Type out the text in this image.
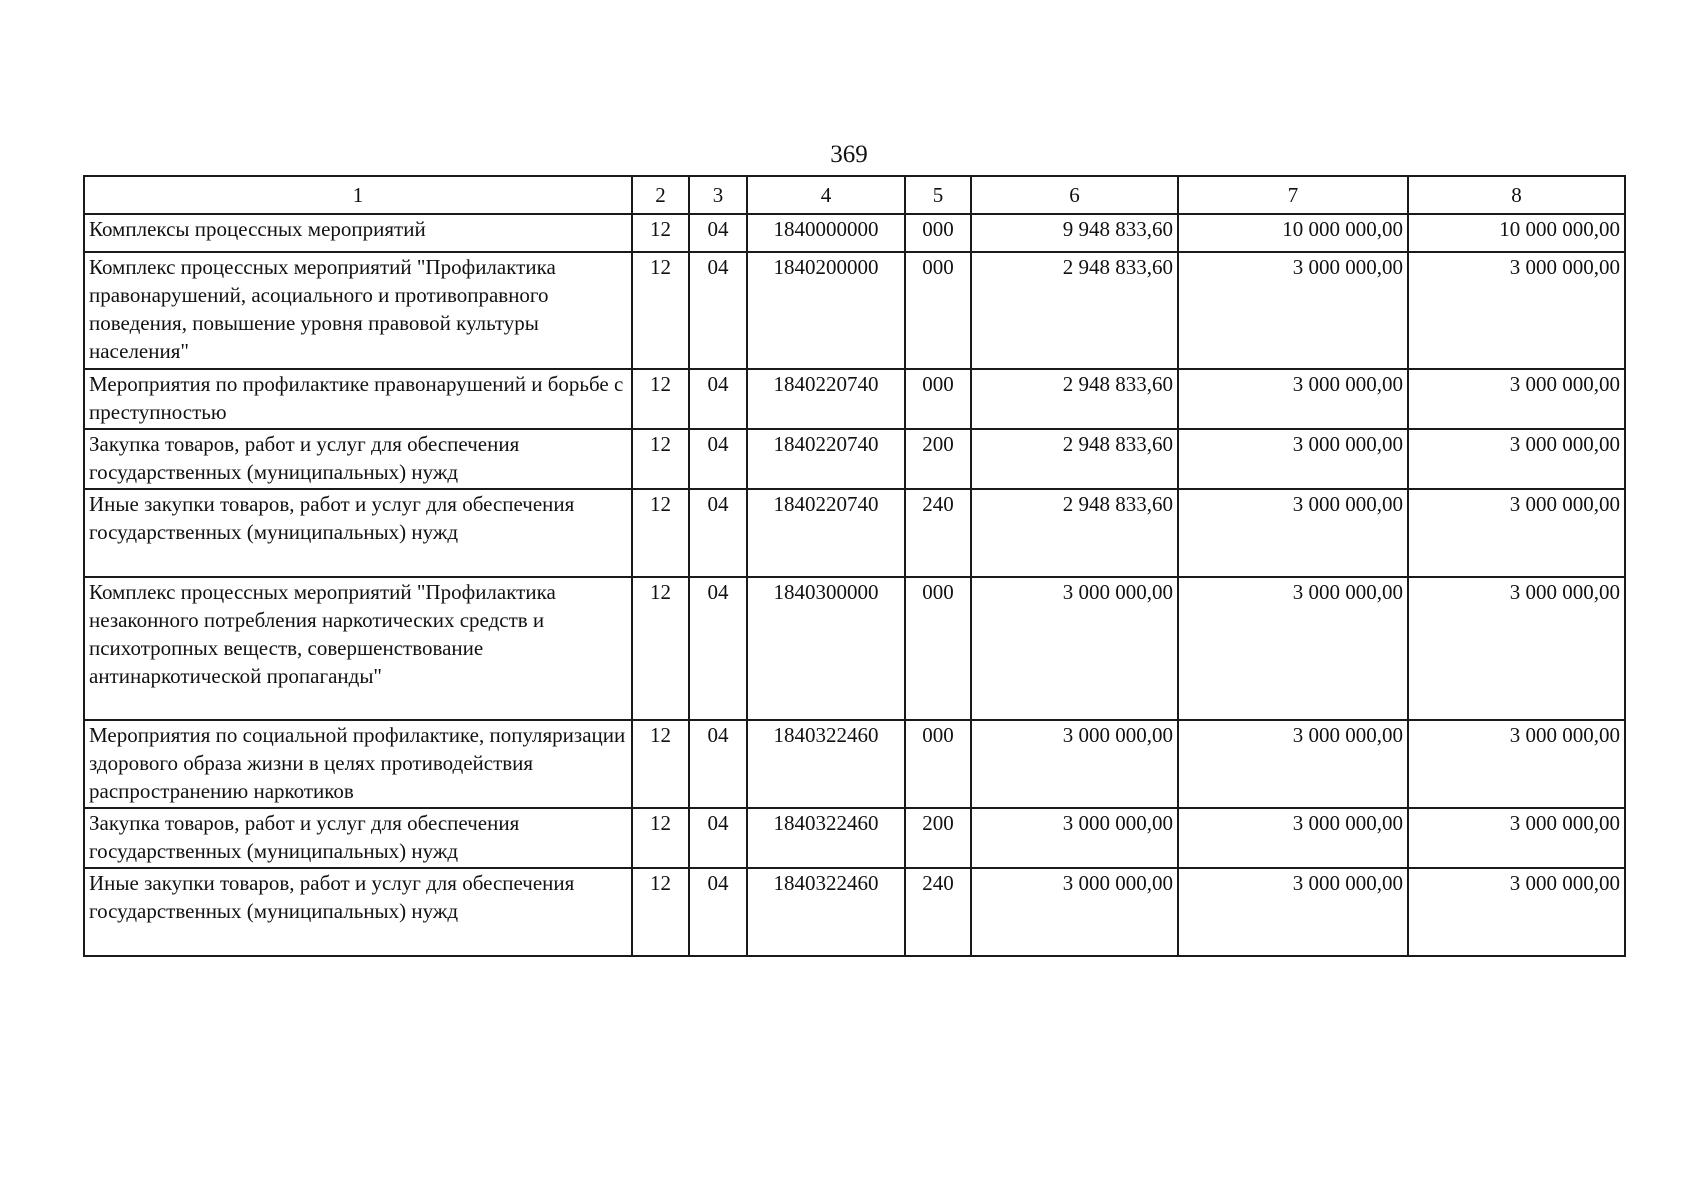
369
1	2	3	4	5	6	7	8
Комплексы процессных мероприятий	12	04	1840000000	000	9 948 833,60	10 000 000,00	10 000 000,00
Комплекс процессных мероприятий "Профилактика правонарушений, асоциального и противоправного поведения, повышение уровня правовой культуры населения"	12	04	1840200000	000	2 948 833,60	3 000 000,00	3 000 000,00
Мероприятия по профилактике правонарушений и борьбе с преступностью	12	04	1840220740	000	2 948 833,60	3 000 000,00	3 000 000,00
Закупка товаров, работ и услуг для обеспечения государственных (муниципальных) нужд	12	04	1840220740	200	2 948 833,60	3 000 000,00	3 000 000,00
Иные закупки товаров, работ и услуг для обеспечения государственных (муниципальных) нужд	12	04	1840220740	240	2 948 833,60	3 000 000,00	3 000 000,00
Комплекс процессных мероприятий "Профилактика незаконного потребления наркотических средств и психотропных веществ, совершенствование антинаркотической пропаганды"	12	04	1840300000	000	3 000 000,00	3 000 000,00	3 000 000,00
Мероприятия по социальной профилактике, популяризации здорового образа жизни в целях противодействия распространению наркотиков	12	04	1840322460	000	3 000 000,00	3 000 000,00	3 000 000,00
Закупка товаров, работ и услуг для обеспечения государственных (муниципальных) нужд	12	04	1840322460	200	3 000 000,00	3 000 000,00	3 000 000,00
Иные закупки товаров, работ и услуг для обеспечения государственных (муниципальных) нужд	12	04	1840322460	240	3 000 000,00	3 000 000,00	3 000 000,00
